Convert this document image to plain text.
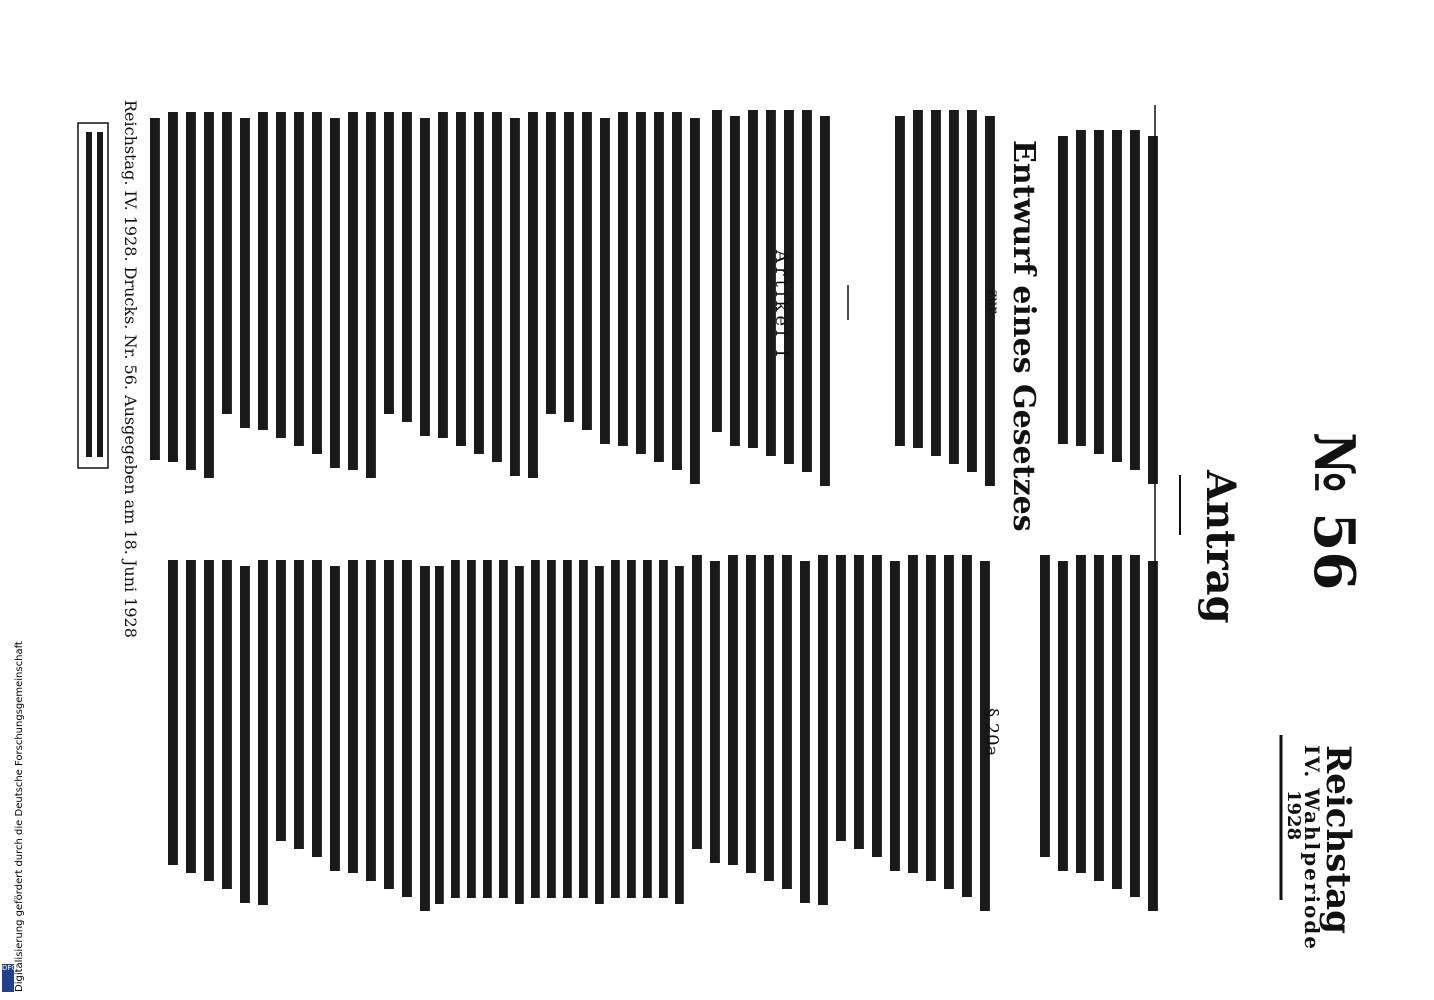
Reichstag
IV. Wahlperiode
1928
№ 56
Antrag
Entwurf eines Gesetzes
zur
Artikel I
§ 20a
Reichstag. IV. 1928. Drucks. Nr. 56. Ausgegeben am 18. Juni 1928
DFG
Digitalisierung gefördert durch die Deutsche Forschungsgemeinschaft
